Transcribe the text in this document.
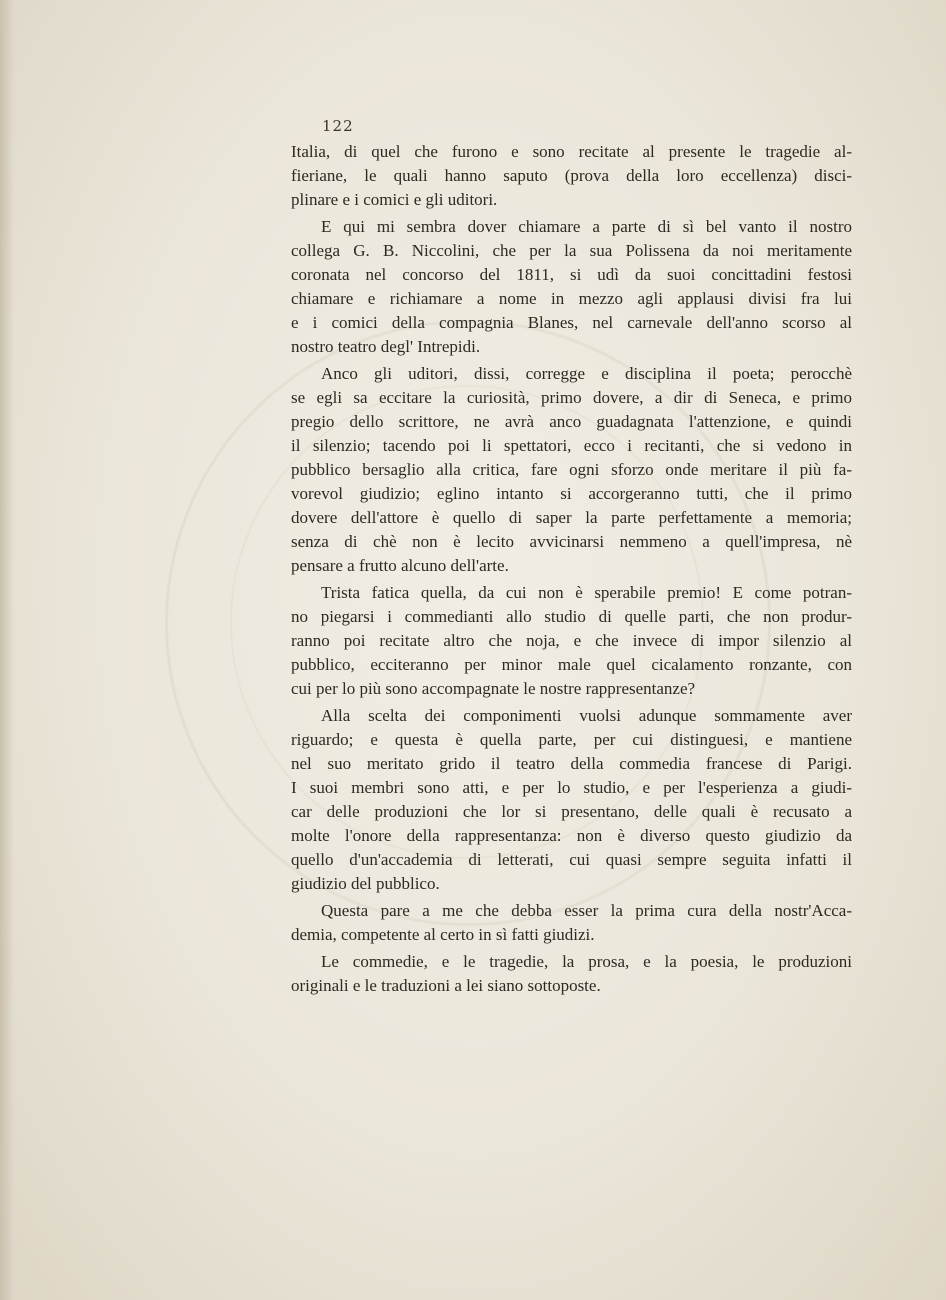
122
Italia, di quel che furono e sono recitate al presente le tragedie al-
fieriane, le quali hanno saputo (prova della loro eccellenza) disci-
plinare e i comici e gli uditori.
E qui mi sembra dover chiamare a parte di sì bel vanto il nostro
collega G. B. Niccolini, che per la sua Polissena da noi meritamente
coronata nel concorso del 1811, si udì da suoi concittadini festosi
chiamare e richiamare a nome in mezzo agli applausi divisi fra lui
e i comici della compagnia Blanes, nel carnevale dell'anno scorso al
nostro teatro degl' Intrepidi.
Anco gli uditori, dissi, corregge e disciplina il poeta; perocchè
se egli sa eccitare la curiosità, primo dovere, a dir di Seneca, e primo
pregio dello scrittore, ne avrà anco guadagnata l'attenzione, e quindi
il silenzio; tacendo poi li spettatori, ecco i recitanti, che si vedono in
pubblico bersaglio alla critica, fare ogni sforzo onde meritare il più fa-
vorevol giudizio; eglino intanto si accorgeranno tutti, che il primo
dovere dell'attore è quello di saper la parte perfettamente a memoria;
senza di chè non è lecito avvicinarsi nemmeno a quell'impresa, nè
pensare a frutto alcuno dell'arte.
Trista fatica quella, da cui non è sperabile premio! E come potran-
no piegarsi i commedianti allo studio di quelle parti, che non produr-
ranno poi recitate altro che noja, e che invece di impor silenzio al
pubblico, ecciteranno per minor male quel cicalamento ronzante, con
cui per lo più sono accompagnate le nostre rappresentanze?
Alla scelta dei componimenti vuolsi adunque sommamente aver
riguardo; e questa è quella parte, per cui distinguesi, e mantiene
nel suo meritato grido il teatro della commedia francese di Parigi.
I suoi membri sono atti, e per lo studio, e per l'esperienza a giudi-
car delle produzioni che lor si presentano, delle quali è recusato a
molte l'onore della rappresentanza: non è diverso questo giudizio da
quello d'un'accademia di letterati, cui quasi sempre seguita infatti il
giudizio del pubblico.
Questa pare a me che debba esser la prima cura della nostr'Acca-
demia, competente al certo in sì fatti giudizi.
Le commedie, e le tragedie, la prosa, e la poesia, le produzioni
originali e le traduzioni a lei siano sottoposte.
